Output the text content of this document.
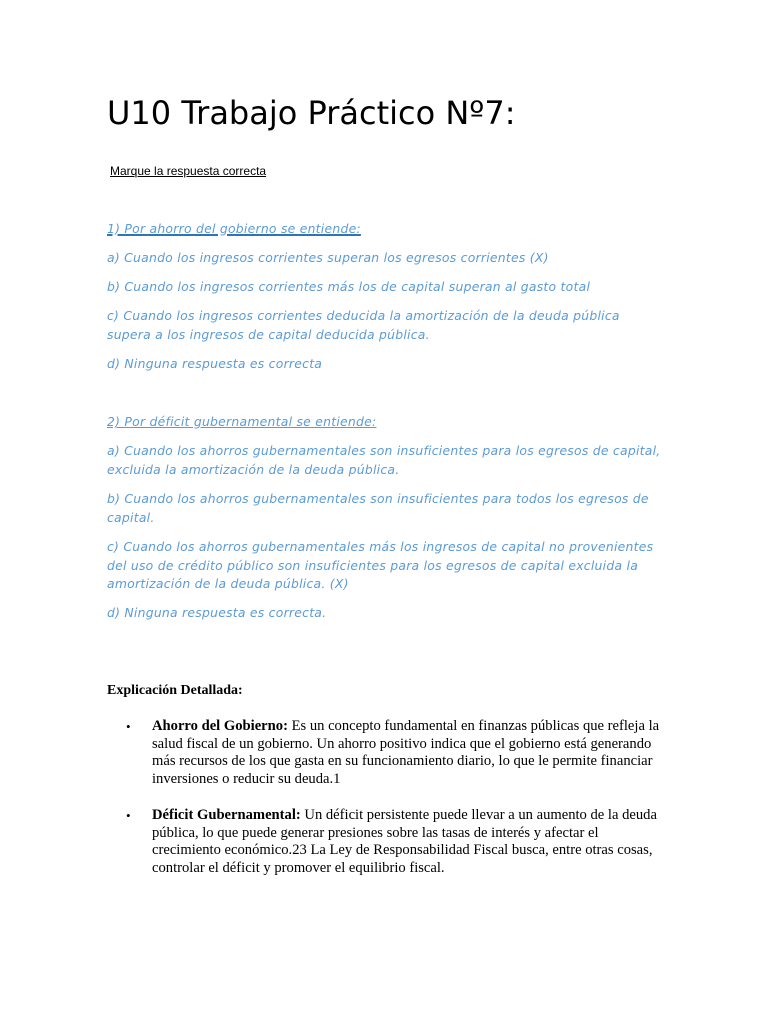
U10 Trabajo Práctico Nº7:
Marque la respuesta correcta

1) Por ahorro del gobierno se entiende:

a) Cuando los ingresos corrientes superan los egresos corrientes (X)

b) Cuando los ingresos corrientes más los de capital superan al gasto total

c) Cuando los ingresos corrientes deducida la amortización de la deuda pública supera a los ingresos de capital deducida pública.

d) Ninguna respuesta es correcta

2) Por déficit gubernamental se entiende:

a) Cuando los ahorros gubernamentales son insuficientes para los egresos de capital, excluida la amortización de la deuda pública.

b) Cuando los ahorros gubernamentales son insuficientes para todos los egresos de capital.

c) Cuando los ahorros gubernamentales más los ingresos de capital no provenientes del uso de crédito público son insuficientes para los egresos de capital excluida la amortización de la deuda pública. (X)

d) Ninguna respuesta es correcta.

Explicación Detallada:

•	Ahorro del Gobierno: Es un concepto fundamental en finanzas públicas que refleja la salud fiscal de un gobierno. Un ahorro positivo indica que el gobierno está generando más recursos de los que gasta en su funcionamiento diario, lo que le permite financiar inversiones o reducir su deuda.1
•	Déficit Gubernamental: Un déficit persistente puede llevar a un aumento de la deuda pública, lo que puede generar presiones sobre las tasas de interés y afectar el crecimiento económico.23 La Ley de Responsabilidad Fiscal busca, entre otras cosas, controlar el déficit y promover el equilibrio fiscal.
